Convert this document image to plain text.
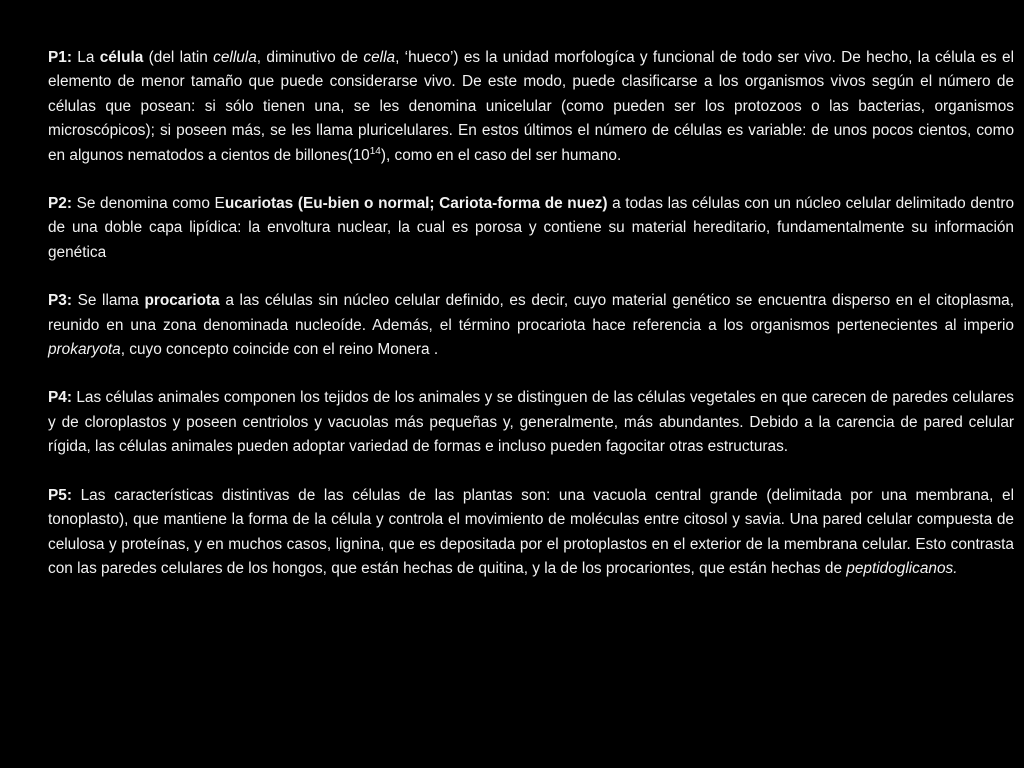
P1: La célula (del latin cellula, diminutivo de cella, ‘hueco’) es la unidad morfologíca y funcional de todo ser vivo. De hecho, la célula es el elemento de menor tamaño que puede considerarse vivo. De este modo, puede clasificarse a los organismos vivos según el número de células que posean: si sólo tienen una, se les denomina unicelular (como pueden ser los protozoos o las bacterias, organismos microscópicos); si poseen más, se les llama pluricelulares. En estos últimos el número de células es variable: de unos pocos cientos, como en algunos nematodos a cientos de $billones(10^{14})$, como en el caso del ser humano.

P2: Se denomina como Eucariotas (Eu-bien o normal; Cariota-forma de nuez) a todas las células con un núcleo celular delimitado dentro de una doble capa lipídica: la envoltura nuclear, la cual es porosa y contiene su material hereditario, fundamentalmente su información genética

P3: Se llama procariota a las células sin núcleo celular definido, es decir, cuyo material genético se encuentra disperso en el citoplasma, reunido en una zona denominada nucleoíde. Además, el término procariota hace referencia a los organismos pertenecientes al imperio prokaryota, cuyo concepto coincide con el reino Monera .

P4: Las células animales componen los tejidos de los animales y se distinguen de las células vegetales en que carecen de paredes celulares y de cloroplastos y poseen centriolos y vacuolas más pequeñas y, generalmente, más abundantes. Debido a la carencia de pared celular rígida, las células animales pueden adoptar variedad de formas e incluso pueden fagocitar otras estructuras.

P5: Las características distintivas de las células de las plantas son: una vacuola central grande (delimitada por una membrana, el tonoplasto), que mantiene la forma de la célula y controla el movimiento de moléculas entre citosol y savia. Una pared celular compuesta de celulosa y proteínas, y en muchos casos, lignina, que es depositada por el protoplastos en el exterior de la membrana celular. Esto contrasta con las paredes celulares de los hongos, que están hechas de quitina, y la de los procariontes, que están hechas de peptidoglicanos.
